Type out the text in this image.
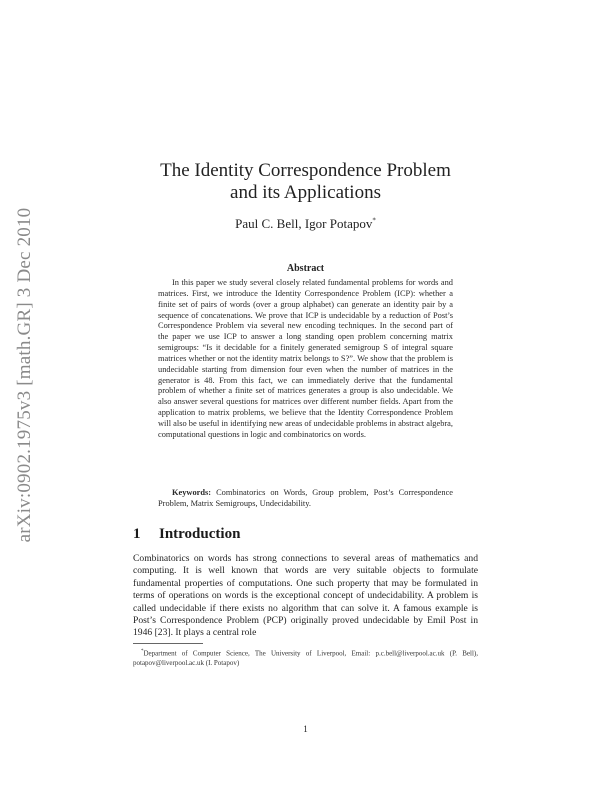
arXiv:0902.1975v3 [math.GR] 3 Dec 2010
The Identity Correspondence Problem
and its Applications
Paul C. Bell, Igor Potapov*
Abstract

In this paper we study several closely related fundamental problems for words and matrices. First, we introduce the Identity Correspondence Problem (ICP): whether a finite set of pairs of words (over a group alphabet) can generate an identity pair by a sequence of concatenations. We prove that ICP is undecidable by a reduction of Post’s Correspondence Problem via several new encoding techniques. In the second part of the paper we use ICP to answer a long standing open problem concerning matrix semigroups: “Is it decidable for a finitely generated semigroup S of integral square matrices whether or not the identity matrix belongs to S?”. We show that the problem is undecidable starting from dimension four even when the number of matrices in the generator is 48. From this fact, we can immediately derive that the fundamental problem of whether a finite set of matrices generates a group is also undecidable. We also answer several questions for matrices over different number fields. Apart from the application to matrix problems, we believe that the Identity Correspondence Problem will also be useful in identifying new areas of undecidable problems in abstract algebra, computational questions in logic and combinatorics on words.

Keywords: Combinatorics on Words, Group problem, Post’s Correspondence Problem, Matrix Semigroups, Undecidability.

1 Introduction

Combinatorics on words has strong connections to several areas of mathematics and computing. It is well known that words are very suitable objects to formulate fundamental properties of computations. One such property that may be formulated in terms of operations on words is the exceptional concept of undecidability. A problem is called undecidable if there exists no algorithm that can solve it. A famous example is Post’s Correspondence Problem (PCP) originally proved undecidable by Emil Post in 1946 [23]. It plays a central role

*Department of Computer Science, The University of Liverpool, Email: p.c.bell@liverpool.ac.uk (P. Bell), potapov@liverpool.ac.uk (I. Potapov)

1
